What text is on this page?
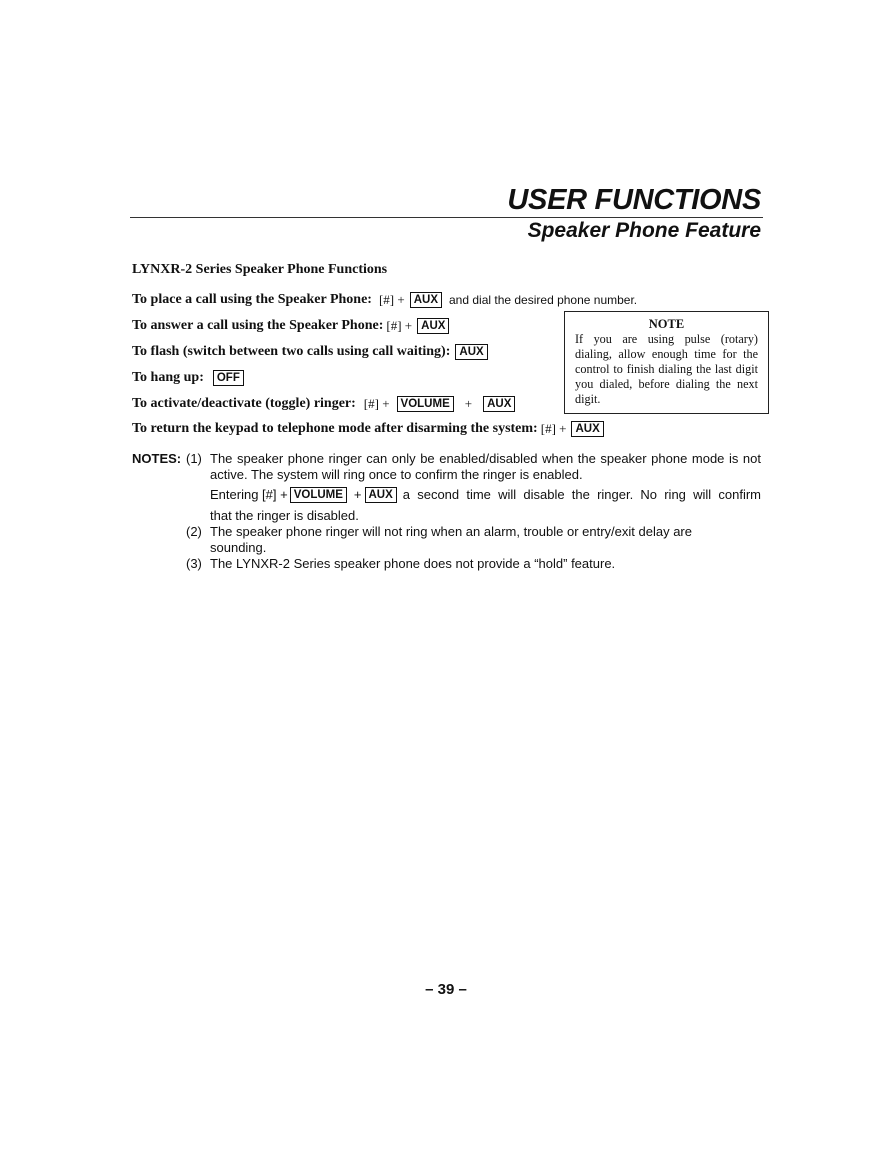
USER FUNCTIONS
Speaker Phone Feature
LYNXR-2 Series Speaker Phone Functions
To place a call using the Speaker Phone: [#] + AUX and dial the desired phone number.
To answer a call using the Speaker Phone: [#] + AUX
To flash (switch between two calls using call waiting): AUX
To hang up:	OFF
To activate/deactivate (toggle) ringer: [#] + VOLUME	+	AUX
NOTE
If you are using pulse (rotary) dialing, allow enough time for the control to finish dialing the last digit you dialed, before dialing the next digit.
To return the keypad to telephone mode after disarming the system: [#] + AUX
NOTES: (1) The speaker phone ringer can only be enabled/disabled when the speaker phone mode is not active. The system will ring once to confirm the ringer is enabled.
Entering [#] + VOLUME + AUX a second time will disable the ringer. No ring will confirm
that the ringer is disabled.
(2) The speaker phone ringer will not ring when an alarm, trouble or entry/exit delay are sounding.
(3) The LYNXR-2 Series speaker phone does not provide a “hold” feature.
– 39 –
